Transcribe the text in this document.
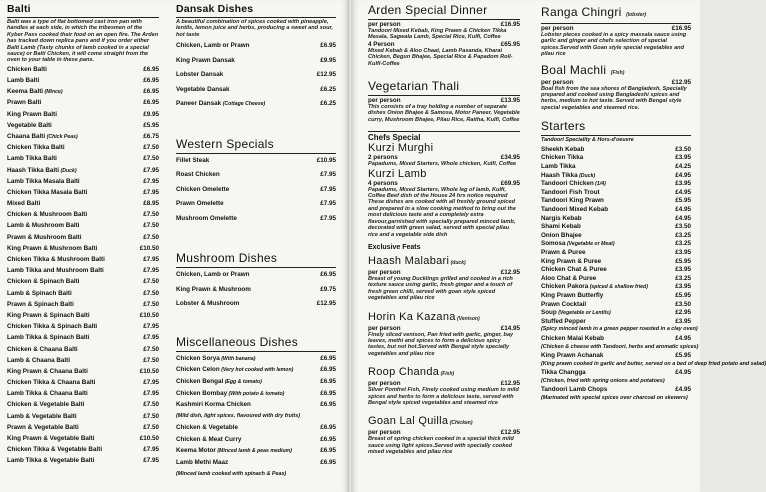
Balti
Balti was a type of flat bottomed cast iron pan with handles at each side, in which the tribesmen of the Kyber Pass cooked their food on an open fire. The Arden has tracked down replica pans and if you order either Balti Lamb (Tasty chunks of lamb cooked in a special sauce) or Balti Chicken, it will come straight from the oven to your table in these pans.
Chicken Balti	£6.95
Lamb Balti	£6.95
Keema Balti (Mince)	£6.95
Prawn Balti	£6.95
King Prawn Balti	£9.95
Vegetable Balti	£5.95
Chaana Balti (Chick Peas)	£6.75
Chicken Tikka Balti	£7.50
Lamb Tikka Balti	£7.50
Haash Tikka Balti (Duck)	£7.95
Lamb Tikka Masala Balti	£7.95
Chicken Tikka Masala Balti	£7.95
Mixed Balti	£8.95
Chicken & Mushroom Balti	£7.50
Lamb & Mushroom Balti	£7.50
Prawn & Mushroom Balti	£7.50
King Prawn & Mushroom Balti	£10.50
Chicken Tikka & Mushroom Balti	£7.95
Lamb Tikka and Mushroom Balti	£7.95
Chicken & Spinach Balti	£7.50
Lamb & Spinach Balti	£7.50
Prawn & Spinach Balti	£7.50
King Prawn & Spinach Balti	£10.50
Chicken Tikka & Spinach Balti	£7.95
Lamb Tikka & Spinach Balti	£7.95
Chicken & Chaana Balti	£7.50
Lamb & Chaana Balti	£7.50
King Prawn & Chaana Balti	£10.50
Chicken Tikka & Chaana Balti	£7.95
Lamb Tikka & Chaana Balti	£7.95
Chicken & Vegetable Balti	£7.50
Lamb & Vegetable Balti	£7.50
Prawn & Vegetable Balti	£7.50
King Prawn & Vegetable Balti	£10.50
Chicken Tikka & Vegetable Balti	£7.95
Lamb Tikka & Vegetable Balti	£7.95
Dansak Dishes
A beautiful combination of spices cooked with pineapple, lentils, lemon juice and herbs, producing a sweet and sour, hot taste
Chicken, Lamb or Prawn	£6.95
King Prawn Dansak	£9.95
Lobster Dansak	£12.95
Vegetable Dansak	£6.25
Paneer Dansak (Cottage Cheese)	£6.25
Western Specials
Fillet Steak	£10.95
Roast Chicken	£7.95
Chicken Omelette	£7.95
Prawn Omelette	£7.95
Mushroom Omelette	£7.95
Mushroom Dishes
Chicken, Lamb or Prawn	£6.95
King Prawn & Mushroom	£9.75
Lobster & Mushroom	£12.95
Miscellaneous Dishes
Chicken Sorya (With banana)	£6.95
Chicken Celon (Very hot cooked with lemon)	£6.95
Chicken Bengal (Egg & tomato)	£6.95
Chicken Bombay (With potato & tomato)	£6.95
Kashmiri Korma Chicken	£6.95
(Mild dish, light spices, flavoured with dry fruits)
Chicken & Vegetable	£6.95
Chicken & Meat Curry	£6.95
Keema Motor (Minced lamb & peas medium)	£6.95
Lamb Methi Maaz	£6.95
(Minced lamb cooked with spinach & Peas)
Arden Special Dinner
per person	£16.95
Tandoori Mixed Kebab, King Prawn & Chicken Tikka Masala, Sagwala Lamb, Special Rice, Kulfi, Coffee
4 Person	£65.95
Mixed Kebab & Aloo Chaat, Lamb Pasanda, Kharai Chicken, Begun Bhajee, Special Rice & Papadom Roll-Kulfi-Coffee
Vegetarian Thali
per person	£13.95
This consists of a tray holding a number of separate dishes Onion Bhajee & Samosa, Motor Paneer, Vegetable curry, Mushroom Bhajee, Pilau Rice, Raitha, Kulfi, Coffee
Chefs Special
Kurzi Murghi
2 persons	£34.95
Papadums, Mixed Starters, Whole chicken, Kulfi, Coffee
Kurzi Lamb
4 persons	£69.95
Papadums, Mixed Starters, Whole leg of lamb, Kulfi, Coffee Beef dish of the House 24 hrs notice required These dishes are cooked with all freshly ground spiced and prepared in a slow cooking method to bring out the most delicious taste and a completely extra flavour,garnished with specially prepared minced lamb, decorated with green salad, served with special pilau rice and a vegetable side dish
Exclusive Feats
Haash Malabari (duck)
per person	£12.95
Breast of young Ducklings grilled and cooked in a rich texture sauce using garlic, fresh ginger and a touch of fresh green chilli, served with goan style spiced vegetables and pilau rice
Horin Ka Kazana (Venison)
per person	£14.95
Finely sliced venison, Pan fried with garlic, ginger, bay leaves, methi and spices to form a delicious spicy tastes, but not hot.Served with Bengal style specially vegetables and pilau rice
Roop Chanda (Fish)
per person	£12.95
Silver Pomfret Fish, Finely cooked using medium to mild spices and herbs to form a delicious taste, served with Bengal style spiced vegetables and steamed rice
Goan Lal Quilla (Chicken)
per person	£12.95
Breast of spring chicken cooked in a special thick mild sauce using light spices.Served with specially cooked mixed vegetables and pilau rice
Ranga Chingri (lobster)
per person	£16.95
Lobster pieces cooked in a spicy massala sauce using garlic and ginger and chefs selection of special spices.Served with Goan style special vegetables and pilau rice
Boal Machli (Fish)
per person	£12.95
Boal fish from the sea shores of Bangladesh, Specially prepared and cooked using Bangladeshi spices and herbs, medium to hot taste. Served with Bengal style special vegetables and steamed rice.
Starters
Tandoori Speciality & Hors-d'oeuvre
Sheekh Kebab	£3.50
Chicken Tikka	£3.95
Lamb Tikka	£4.25
Haash Tikka (Duck)	£4.95
Tandoori Chicken (1/4)	£3.95
Tandoori Fish Trout	£4.95
Tandoori King Prawn	£5.95
Tandoori Mixed Kebab	£4.95
Nargis Kebab	£4.95
Shami Kebab	£3.50
Onion Bhajee	£3.25
Somosa (Vegetable or Meat)	£3.25
Prawn & Puree	£3.95
King Prawn & Puree	£5.95
Chicken Chat & Puree	£3.95
Aloo Chat & Puree	£3.25
Chicken Pakora (spiced & shallow fried)	£3.95
King Prawn Butterfly	£5.95
Prawn Cocktail	£3.50
Soup (Vegetable or Lentils)	£2.95
Stuffed Pepper	£3.95
(Spicy minced lamb in a green pepper roasted in a clay oven)
Chicken Malai Kebab	£4.95
(Chicken & cheese with Tandoori, herbs and aromatic spices)
King Prawn Achanak	£5.95
(King prawn cooked in garlic and butter, served on a bed of deep fried potato and salad)
Tikka Changga	£4.95
(Chicken, fried with spring onions and potatoes)
Tandoori Lamb Chops	£4.95
(Marinated with special spices over charcoal on skewers)
